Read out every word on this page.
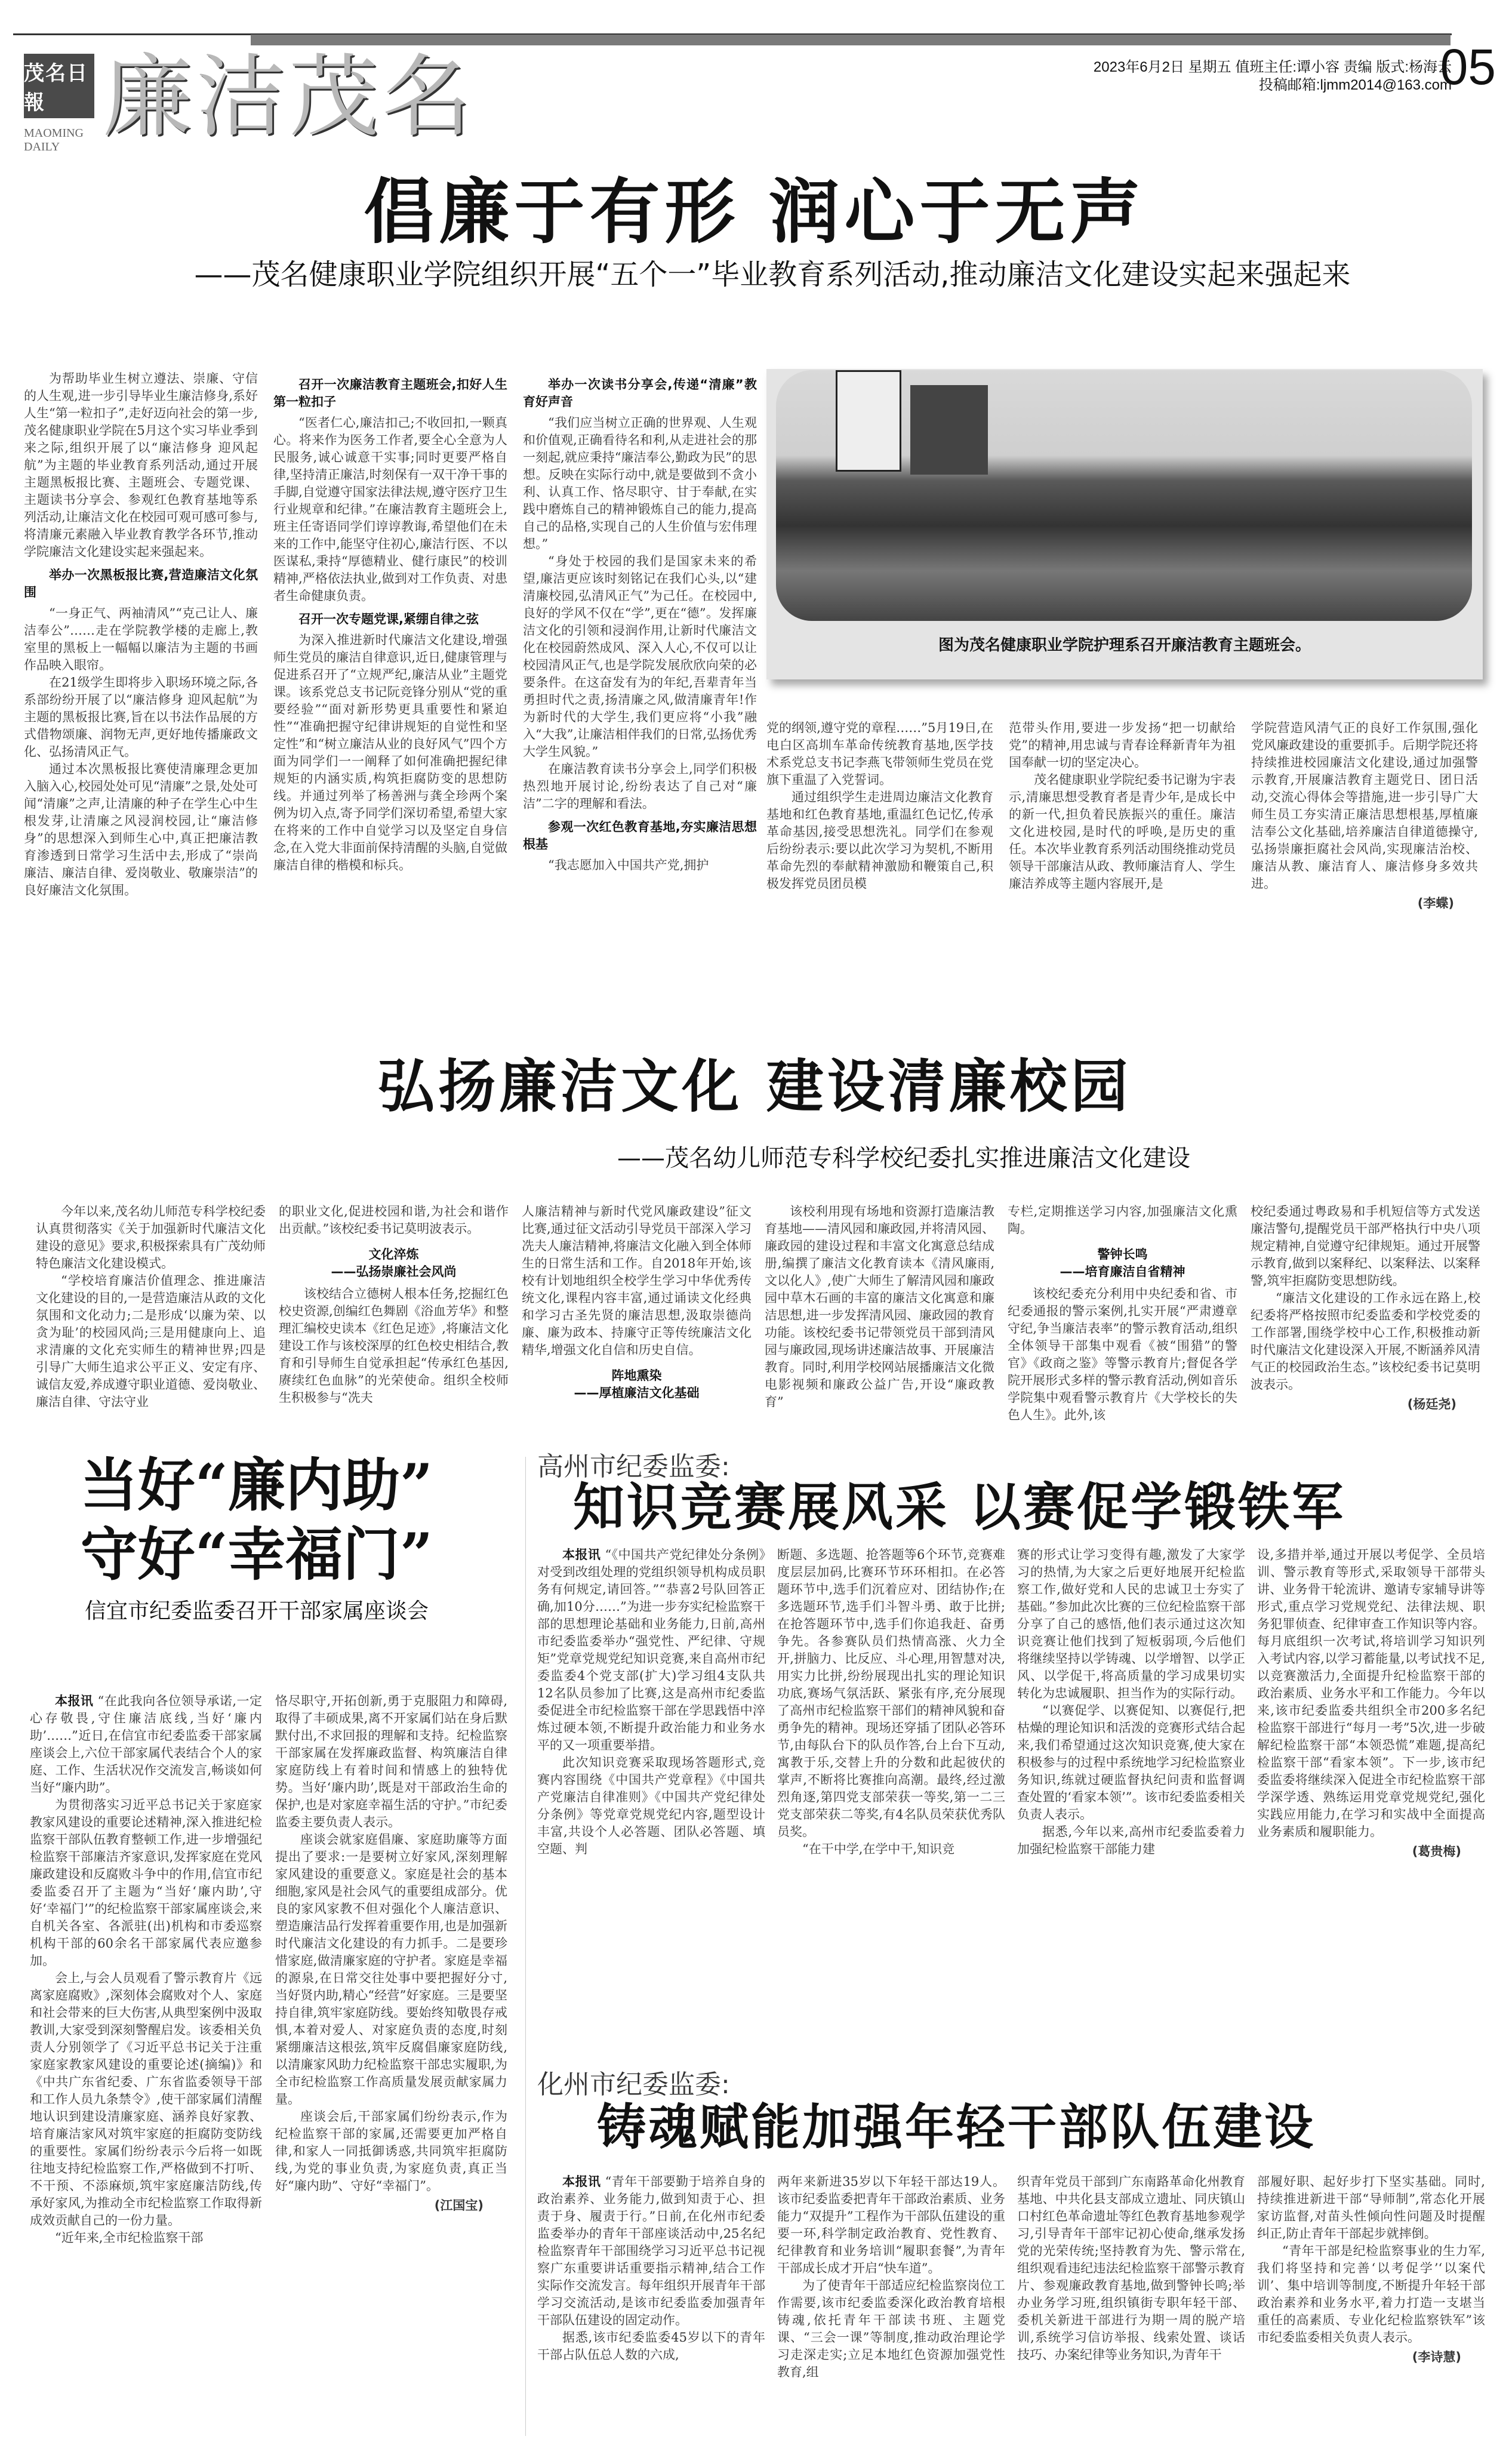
茂名日報
MAOMING DAILY 廉洁茂名	2023年6月2日 星期五 值班主任:谭小容 责编 版式:杨海云
投稿邮箱:ljmm2014@163.com
05
倡廉于有形 润心于无声
——茂名健康职业学院组织开展“五个一”毕业教育系列活动,推动廉洁文化建设实起来强起来

为帮助毕业生树立遵法、崇廉、守信的人生观,进一步引导毕业生廉洁修身,系好人生“第一粒扣子”,走好迈向社会的第一步,茂名健康职业学院在5月这个实习毕业季到来之际,组织开展了以“廉洁修身 迎风起航”为主题的毕业教育系列活动,通过开展主题黑板报比赛、主题班会、专题党课、主题读书分享会、参观红色教育基地等系列活动,让廉洁文化在校园可观可感可参与,将清廉元素融入毕业教育教学各环节,推动学院廉洁文化建设实起来强起来。

举办一次黑板报比赛,营造廉洁文化氛围

“一身正气、两袖清风”“克己让人、廉洁奉公”……走在学院教学楼的走廊上,教室里的黑板上一幅幅以廉洁为主题的书画作品映入眼帘。

在21级学生即将步入职场环境之际,各系部纷纷开展了以“廉洁修身 迎风起航”为主题的黑板报比赛,旨在以书法作品展的方式借物颂廉、润物无声,更好地传播廉政文化、弘扬清风正气。

通过本次黑板报比赛使清廉理念更加入脑入心,校园处处可见“清廉”之景,处处可闻“清廉”之声,让清廉的种子在学生心中生根发芽,让清廉之风浸润校园,让“廉洁修身”的思想深入到师生心中,真正把廉洁教育渗透到日常学习生活中去,形成了“崇尚廉洁、廉洁自律、爱岗敬业、敬廉崇洁”的良好廉洁文化氛围。

召开一次廉洁教育主题班会,扣好人生第一粒扣子

“医者仁心,廉洁扣己;不收回扣,一颗真心。将来作为医务工作者,要全心全意为人民服务,诚心诚意干实事;同时更要严格自律,坚持清正廉洁,时刻保有一双干净干事的手脚,自觉遵守国家法律法规,遵守医疗卫生行业规章和纪律。”在廉洁教育主题班会上,班主任寄语同学们谆谆教诲,希望他们在未来的工作中,能坚守住初心,廉洁行医、不以医谋私,秉持“厚德精业、健行康民”的校训精神,严格依法执业,做到对工作负责、对患者生命健康负责。

召开一次专题党课,紧绷自律之弦

为深入推进新时代廉洁文化建设,增强师生党员的廉洁自律意识,近日,健康管理与促进系召开了“立规严纪,廉洁从业”主题党课。该系党总支书记阮竞锋分别从“党的重要经验”“面对新形势更具重要性和紧迫性”“准确把握守纪律讲规矩的自觉性和坚定性”和“树立廉洁从业的良好风气”四个方面为同学们一一阐释了如何准确把握纪律规矩的内涵实质,构筑拒腐防变的思想防线。并通过列举了杨善洲与龚全珍两个案例为切入点,寄予同学们深切希望,希望大家在将来的工作中自觉学习以及坚定自身信念,在入党大非面前保持清醒的头脑,自觉做廉洁自律的楷模和标兵。

举办一次读书分享会,传递“清廉”教育好声音

“我们应当树立正确的世界观、人生观和价值观,正确看待名和利,从走进社会的那一刻起,就应秉持“廉洁奉公,勤政为民”的思想。反映在实际行动中,就是要做到不贪小利、认真工作、恪尽职守、甘于奉献,在实践中磨炼自己的精神锻炼自己的能力,提高自己的品格,实现自己的人生价值与宏伟理想。”

“身处于校园的我们是国家未来的希望,廉洁更应该时刻铭记在我们心头,以“建清廉校园,弘清风正气”为己任。在校园中,良好的学风不仅在“学”,更在“德”。发挥廉洁文化的引领和浸润作用,让新时代廉洁文化在校园蔚然成风、深入人心,不仅可以让校园清风正气,也是学院发展欣欣向荣的必要条件。在这奋发有为的年纪,吾辈青年当勇担时代之责,扬清廉之风,做清廉青年!作为新时代的大学生,我们更应将“小我”融入“大我”,让廉洁相伴我们的日常,弘扬优秀大学生风貌。”

在廉洁教育读书分享会上,同学们积极热烈地开展讨论,纷纷表达了自己对“廉洁”二字的理解和看法。

参观一次红色教育基地,夯实廉洁思想根基

“我志愿加入中国共产党,拥护

图为茂名健康职业学院护理系召开廉洁教育主题班会。

党的纲领,遵守党的章程……”5月19日,在电白区高圳车革命传统教育基地,医学技术系党总支书记李燕飞带领师生党员在党旗下重温了入党誓词。

通过组织学生走进周边廉洁文化教育基地和红色教育基地,重温红色记忆,传承革命基因,接受思想洗礼。同学们在参观后纷纷表示:要以此次学习为契机,不断用革命先烈的奉献精神激励和鞭策自己,积极发挥党员团员模

范带头作用,要进一步发扬“把一切献给党”的精神,用忠诚与青春诠释新青年为祖国奉献一切的坚定决心。

茂名健康职业学院纪委书记谢为宇表示,清廉思想受教育者是青少年,是成长中的新一代,担负着民族振兴的重任。廉洁文化进校园,是时代的呼唤,是历史的重任。本次毕业教育系列活动围绕推动党员领导干部廉洁从政、教师廉洁育人、学生廉洁养成等主题内容展开,是

学院营造风清气正的良好工作氛围,强化党风廉政建设的重要抓手。后期学院还将持续推进校园廉洁文化建设,通过加强警示教育,开展廉洁教育主题党日、团日活动,交流心得体会等措施,进一步引导广大师生员工夯实清正廉洁思想根基,厚植廉洁奉公文化基础,培养廉洁自律道德操守,弘扬崇廉拒腐社会风尚,实现廉洁治校、廉洁从教、廉洁育人、廉洁修身多效共进。

(李蝶)

弘扬廉洁文化 建设清廉校园
——茂名幼儿师范专科学校纪委扎实推进廉洁文化建设

今年以来,茂名幼儿师范专科学校纪委认真贯彻落实《关于加强新时代廉洁文化建设的意见》要求,积极探索具有广茂幼师特色廉洁文化建设模式。

“学校培育廉洁价值理念、推进廉洁文化建设的目的,一是营造廉洁从政的文化氛围和文化动力;二是形成‘以廉为荣、以贪为耻’的校园风尚;三是用健康向上、追求清廉的文化充实师生的精神世界;四是引导广大师生追求公平正义、安定有序、诚信友爱,养成遵守职业道德、爱岗敬业、廉洁自律、守法守业

的职业文化,促进校园和谐,为社会和谐作出贡献。”该校纪委书记莫明波表示。

文化淬炼
——弘扬崇廉社会风尚

该校结合立德树人根本任务,挖掘红色校史资源,创编红色舞剧《浴血芳华》和整理汇编校史读本《红色足迹》,将廉洁文化建设工作与该校深厚的红色校史相结合,教育和引导师生自觉承担起“传承红色基因,赓续红色血脉”的光荣使命。组织全校师生积极参与“冼夫

人廉洁精神与新时代党风廉政建设”征文比赛,通过征文活动引导党员干部深入学习冼夫人廉洁精神,将廉洁文化融入到全体师生的日常生活和工作。自2018年开始,该校有计划地组织全校学生学习中华优秀传统文化,课程内容丰富,通过诵读文化经典和学习古圣先贤的廉洁思想,汲取崇德尚廉、廉为政本、持廉守正等传统廉洁文化精华,增强文化自信和历史自信。

阵地熏染
——厚植廉洁文化基础

该校利用现有场地和资源打造廉洁教育基地——清风园和廉政园,并将清风园、廉政园的建设过程和丰富文化寓意总结成册,编撰了廉洁文化教育读本《清风廉雨,文以化人》,使广大师生了解清风园和廉政园中草木石画的丰富的廉洁文化寓意和廉洁思想,进一步发挥清风园、廉政园的教育功能。该校纪委书记带领党员干部到清风园与廉政园,现场讲述廉洁故事、开展廉洁教育。同时,利用学校网站展播廉洁文化微电影视频和廉政公益广告,开设“廉政教育”

专栏,定期推送学习内容,加强廉洁文化熏陶。

警钟长鸣
——培育廉洁自省精神

该校纪委充分利用中央纪委和省、市纪委通报的警示案例,扎实开展“严肃遵章守纪,争当廉洁表率”的警示教育活动,组织全体领导干部集中观看《被“围猎”的警官》《政商之鉴》等警示教育片;督促各学院开展形式多样的警示教育活动,例如音乐学院集中观看警示教育片《大学校长的失色人生》。此外,该

校纪委通过粤政易和手机短信等方式发送廉洁警句,提醒党员干部严格执行中央八项规定精神,自觉遵守纪律规矩。通过开展警示教育,做到以案释纪、以案释法、以案释警,筑牢拒腐防变思想防线。

“廉洁文化建设的工作永远在路上,校纪委将严格按照市纪委监委和学校党委的工作部署,围绕学校中心工作,积极推动新时代廉洁文化建设深入开展,不断涵养风清气正的校园政治生态。”该校纪委书记莫明波表示。

(杨廷尧)

当好“廉内助”
守好“幸福门”
信宜市纪委监委召开干部家属座谈会

本报讯 “在此我向各位领导承诺,一定心存敬畏,守住廉洁底线,当好‘廉内助’……”近日,在信宜市纪委监委干部家属座谈会上,六位干部家属代表结合个人的家庭、工作、生活状况作交流发言,畅谈如何当好“廉内助”。

为贯彻落实习近平总书记关于家庭家教家风建设的重要论述精神,深入推进纪检监察干部队伍教育整顿工作,进一步增强纪检监察干部廉洁齐家意识,发挥家庭在党风廉政建设和反腐败斗争中的作用,信宜市纪委监委召开了主题为“当好‘廉内助’,守好‘幸福门’”的纪检监察干部家属座谈会,来自机关各室、各派驻(出)机构和市委巡察机构干部的60余名干部家属代表应邀参加。

会上,与会人员观看了警示教育片《远离家庭腐败》,深刻体会腐败对个人、家庭和社会带来的巨大伤害,从典型案例中汲取教训,大家受到深刻警醒启发。该委相关负责人分别领学了《习近平总书记关于注重家庭家教家风建设的重要论述(摘编)》和《中共广东省纪委、广东省监委领导干部和工作人员九条禁令》,使干部家属们清醒地认识到建设清廉家庭、涵养良好家教、培育廉洁家风对筑牢家庭的拒腐防变防线的重要性。家属们纷纷表示今后将一如既往地支持纪检监察工作,严格做到不打听、不干预、不添麻烦,筑牢家庭廉洁防线,传承好家风,为推动全市纪检监察工作取得新成效贡献自己的一份力量。

“近年来,全市纪检监察干部

恪尽职守,开拓创新,勇于克服阻力和障碍,取得了丰硕成果,离不开家属们站在身后默默付出,不求回报的理解和支持。纪检监察干部家属在发挥廉政监督、构筑廉洁自律家庭防线上有着时间和情感上的独特优势。当好‘廉内助’,既是对干部政治生命的保护,也是对家庭幸福生活的守护。”市纪委监委主要负责人表示。

座谈会就家庭倡廉、家庭助廉等方面提出了要求:一是要树立好家风,深刻理解家风建设的重要意义。家庭是社会的基本细胞,家风是社会风气的重要组成部分。优良的家风家教不但对强化个人廉洁意识、塑造廉洁品行发挥着重要作用,也是加强新时代廉洁文化建设的有力抓手。二是要珍惜家庭,做清廉家庭的守护者。家庭是幸福的源泉,在日常交往处事中要把握好分寸,当好贤内助,精心“经营”好家庭。三是要坚持自律,筑牢家庭防线。要始终知敬畏存戒惧,本着对爱人、对家庭负责的态度,时刻紧绷廉洁这根弦,筑牢反腐倡廉家庭防线,以清廉家风助力纪检监察干部忠实履职,为全市纪检监察工作高质量发展贡献家属力量。

座谈会后,干部家属们纷纷表示,作为纪检监察干部的家属,还需要更加严格自律,和家人一同抵御诱惑,共同筑牢拒腐防线,为党的事业负责,为家庭负责,真正当好“廉内助”、守好“幸福门”。

(江国宝)

高州市纪委监委:
知识竞赛展风采 以赛促学锻铁军

本报讯 “《中国共产党纪律处分条例》对受到改组处理的党组织领导机构成员职务有何规定,请回答。”“恭喜2号队回答正确,加10分……”为进一步夯实纪检监察干部的思想理论基础和业务能力,日前,高州市纪委监委举办“强党性、严纪律、守规矩”党章党规党纪知识竞赛,来自高州市纪委监委4个党支部(扩大)学习组4支队共12名队员参加了比赛,这是高州市纪委监委促进全市纪检监察干部在学思践悟中淬炼过硬本领,不断提升政治能力和业务水平的又一项重要举措。

此次知识竞赛采取现场答题形式,竞赛内容围绕《中国共产党章程》《中国共产党廉洁自律准则》《中国共产党纪律处分条例》等党章党规党纪内容,题型设计丰富,共设个人必答题、团队必答题、填空题、判

断题、多选题、抢答题等6个环节,竞赛难度层层加码,比赛环节环环相扣。在必答题环节中,选手们沉着应对、团结协作;在多选题环节,选手们斗智斗勇、敢于比拼;在抢答题环节中,选手们你追我赶、奋勇争先。各参赛队员们热情高涨、火力全开,拼脑力、比反应、斗心理,用智慧对决,用实力比拼,纷纷展现出扎实的理论知识功底,赛场气氛活跃、紧张有序,充分展现了高州市纪检监察干部们的精神风貌和奋勇争先的精神。现场还穿插了团队必答环节,由每队台下的队员作答,台上台下互动,寓教于乐,交替上升的分数和此起彼伏的掌声,不断将比赛推向高潮。最终,经过激烈角逐,第四党支部荣获一等奖,第一二三党支部荣获二等奖,有4名队员荣获优秀队员奖。

“在干中学,在学中干,知识竞

赛的形式让学习变得有趣,激发了大家学习的热情,为大家之后更好地展开纪检监察工作,做好党和人民的忠诚卫士夯实了基础。”参加此次比赛的三位纪检监察干部分享了自己的感悟,他们表示通过这次知识竞赛让他们找到了短板弱项,今后他们将继续坚持以学铸魂、以学增智、以学正风、以学促干,将高质量的学习成果切实转化为忠诚履职、担当作为的实际行动。

“以赛促学、以赛促知、以赛促行,把枯燥的理论知识和活泼的竞赛形式结合起来,我们希望通过这次知识竞赛,使大家在积极参与的过程中系统地学习纪检监察业务知识,练就过硬监督执纪问责和监督调查处置的‘看家本领’”。该市纪委监委相关负责人表示。

据悉,今年以来,高州市纪委监委着力加强纪检监察干部能力建

设,多措并举,通过开展以考促学、全员培训、警示教育等形式,采取领导干部带头讲、业务骨干轮流讲、邀请专家辅导讲等形式,重点学习党规党纪、法律法规、职务犯罪侦查、纪律审查工作知识等内容。每月底组织一次考试,将培训学习知识列入考试内容,以学习蓄能量,以考试找不足,以竞赛激活力,全面提升纪检监察干部的政治素质、业务水平和工作能力。今年以来,该市纪委监委共组织全市200多名纪检监察干部进行“每月一考”5次,进一步破解纪检监察干部“本领恐慌”难题,提高纪检监察干部“看家本领”。下一步,该市纪委监委将继续深入促进全市纪检监察干部学深学透、熟练运用党章党规党纪,强化实践应用能力,在学习和实战中全面提高业务素质和履职能力。

(葛贵梅)

化州市纪委监委:
铸魂赋能加强年轻干部队伍建设

本报讯 “青年干部要勤于培养自身的政治素养、业务能力,做到知责于心、担责于身、履责于行。”日前,在化州市纪委监委举办的青年干部座谈活动中,25名纪检监察青年干部围绕学习习近平总书记视察广东重要讲话重要指示精神,结合工作实际作交流发言。每年组织开展青年干部学习交流活动,是该市纪委监委加强青年干部队伍建设的固定动作。

据悉,该市纪委监委45岁以下的青年干部占队伍总人数的六成,

两年来新进35岁以下年轻干部达19人。该市纪委监委把青年干部政治素质、业务能力“双提升”工程作为干部队伍建设的重要一环,科学制定政治教育、党性教育、纪律教育和业务培训“履职套餐”,为青年干部成长成才开启“快车道”。

为了使青年干部适应纪检监察岗位工作需要,该市纪委监委深化政治教育培根铸魂,依托青年干部读书班、主题党课、“三会一课”等制度,推动政治理论学习走深走实;立足本地红色资源加强党性教育,组

织青年党员干部到广东南路革命化州教育基地、中共化县支部成立遗址、同庆镇山口村红色革命遗址等红色教育基地参观学习,引导青年干部牢记初心使命,继承发扬党的光荣传统;坚持教育为先、警示常在,组织观看违纪违法纪检监察干部警示教育片、参观廉政教育基地,做到警钟长鸣;举办业务学习班,组织镇街专职年轻干部、委机关新进干部进行为期一周的脱产培训,系统学习信访举报、线索处置、谈话技巧、办案纪律等业务知识,为青年干

部履好职、起好步打下坚实基础。同时,持续推进新进干部“导师制”,常态化开展家访监督,对苗头性倾向性问题及时提醒纠正,防止青年干部起步就摔倒。

“青年干部是纪检监察事业的生力军,我们将坚持和完善‘以考促学’‘以案代训’、集中培训等制度,不断提升年轻干部政治素养和业务水平,着力打造一支堪当重任的高素质、专业化纪检监察铁军”该市纪委监委相关负责人表示。

(李诗慧)
